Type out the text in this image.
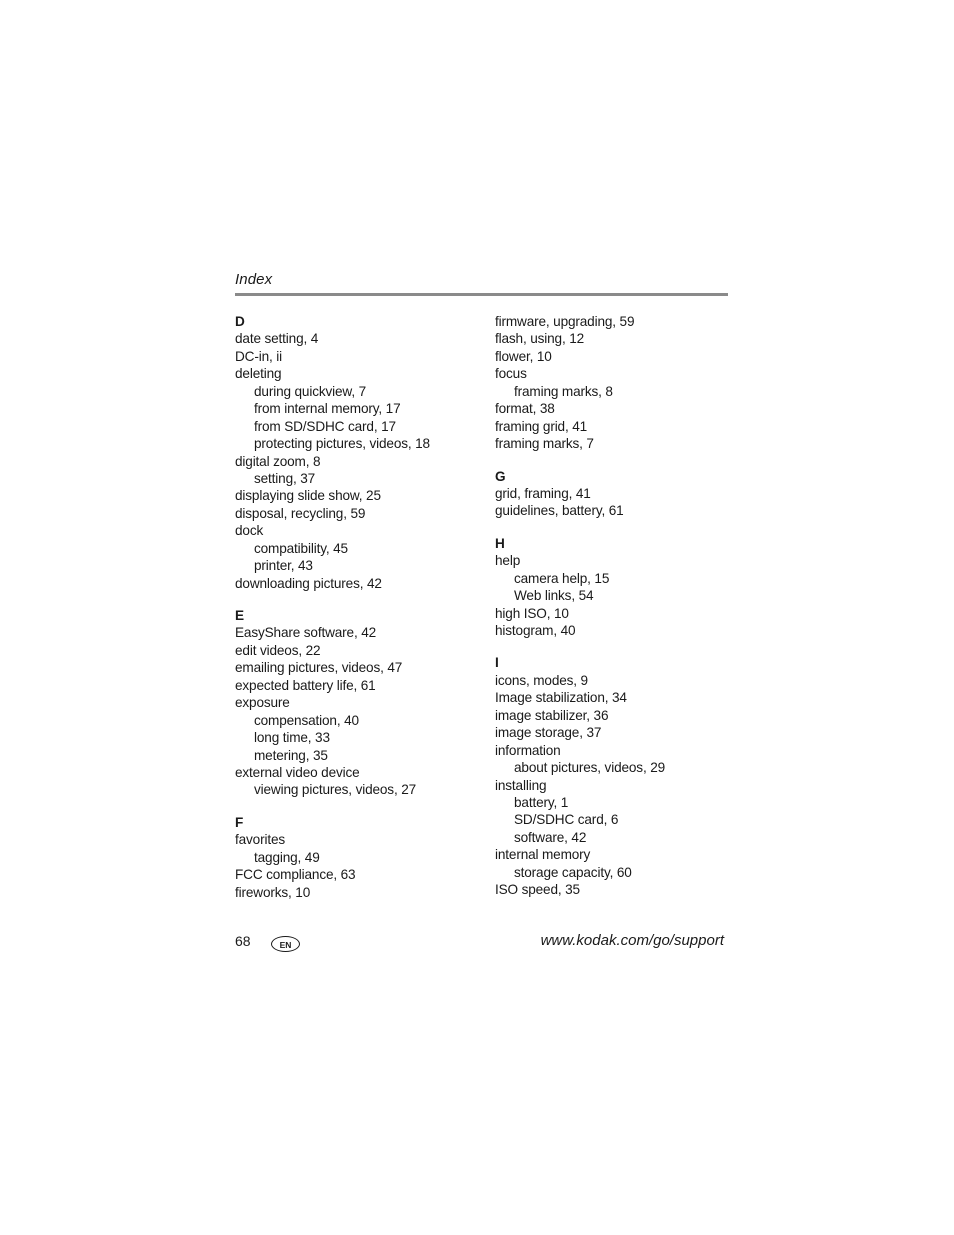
Index
D
date setting, 4
DC-in, ii
deleting
during quickview, 7
from internal memory, 17
from SD/SDHC card, 17
protecting pictures, videos, 18
digital zoom, 8
setting, 37
displaying slide show, 25
disposal, recycling, 59
dock
compatibility, 45
printer, 43
downloading pictures, 42
E
EasyShare software, 42
edit videos, 22
emailing pictures, videos, 47
expected battery life, 61
exposure
compensation, 40
long time, 33
metering, 35
external video device
viewing pictures, videos, 27
F
favorites
tagging, 49
FCC compliance, 63
fireworks, 10
firmware, upgrading, 59
flash, using, 12
flower, 10
focus
framing marks, 8
format, 38
framing grid, 41
framing marks, 7
G
grid, framing, 41
guidelines, battery, 61
H
help
camera help, 15
Web links, 54
high ISO, 10
histogram, 40
I
icons, modes, 9
Image stabilization, 34
image stabilizer, 36
image storage, 37
information
about pictures, videos, 29
installing
battery, 1
SD/SDHC card, 6
software, 42
internal memory
storage capacity, 60
ISO speed, 35
68	EN	www.kodak.com/go/support
